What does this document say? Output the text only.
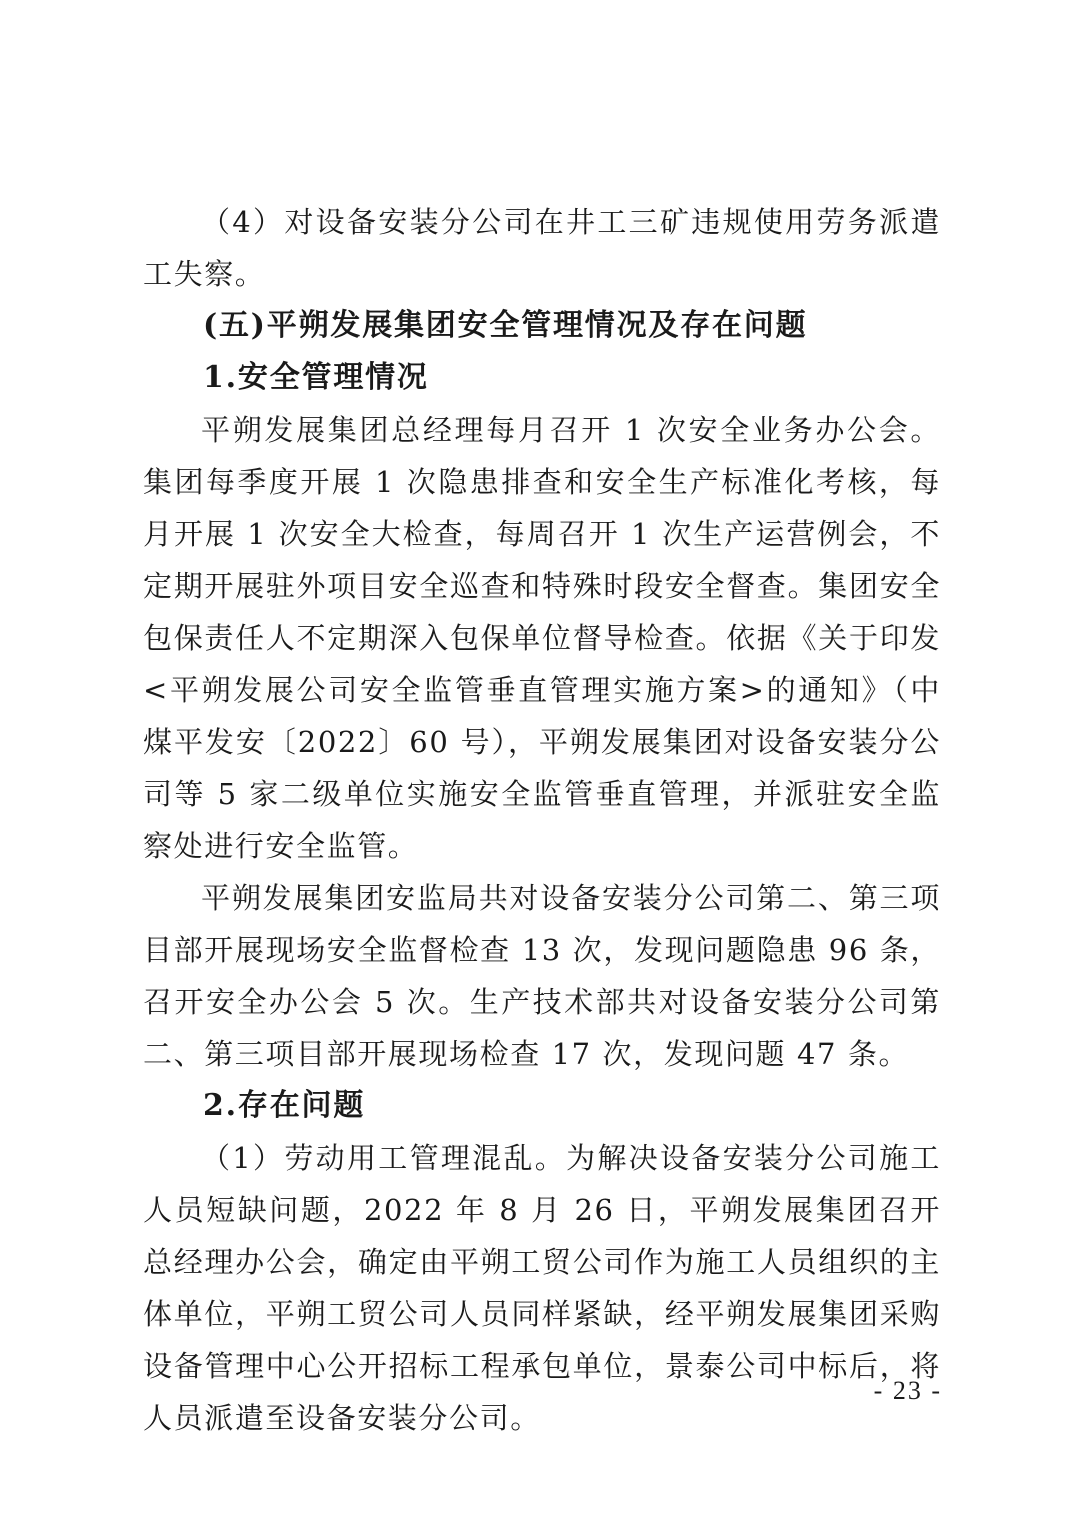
（4）对设备安装分公司在井工三矿违规使用劳务派遣工失察。

(五)平朔发展集团安全管理情况及存在问题

1.安全管理情况

平朔发展集团总经理每月召开 1 次安全业务办公会。集团每季度开展 1 次隐患排查和安全生产标准化考核，每月开展 1 次安全大检查，每周召开 1 次生产运营例会，不定期开展驻外项目安全巡查和特殊时段安全督查。集团安全包保责任人不定期深入包保单位督导检查。依据《关于印发<平朔发展公司安全监管垂直管理实施方案>的通知》（中煤平发安〔2022〕60 号），平朔发展集团对设备安装分公司等 5 家二级单位实施安全监管垂直管理，并派驻安全监察处进行安全监管。

平朔发展集团安监局共对设备安装分公司第二、第三项目部开展现场安全监督检查 13 次，发现问题隐患 96 条，召开安全办公会 5 次。生产技术部共对设备安装分公司第二、第三项目部开展现场检查 17 次，发现问题 47 条。

2.存在问题

（1）劳动用工管理混乱。为解决设备安装分公司施工人员短缺问题，2022 年 8 月 26 日，平朔发展集团召开总经理办公会，确定由平朔工贸公司作为施工人员组织的主体单位，平朔工贸公司人员同样紧缺，经平朔发展集团采购设备管理中心公开招标工程承包单位，景泰公司中标后，将人员派遣至设备安装分公司。

- 23 -
